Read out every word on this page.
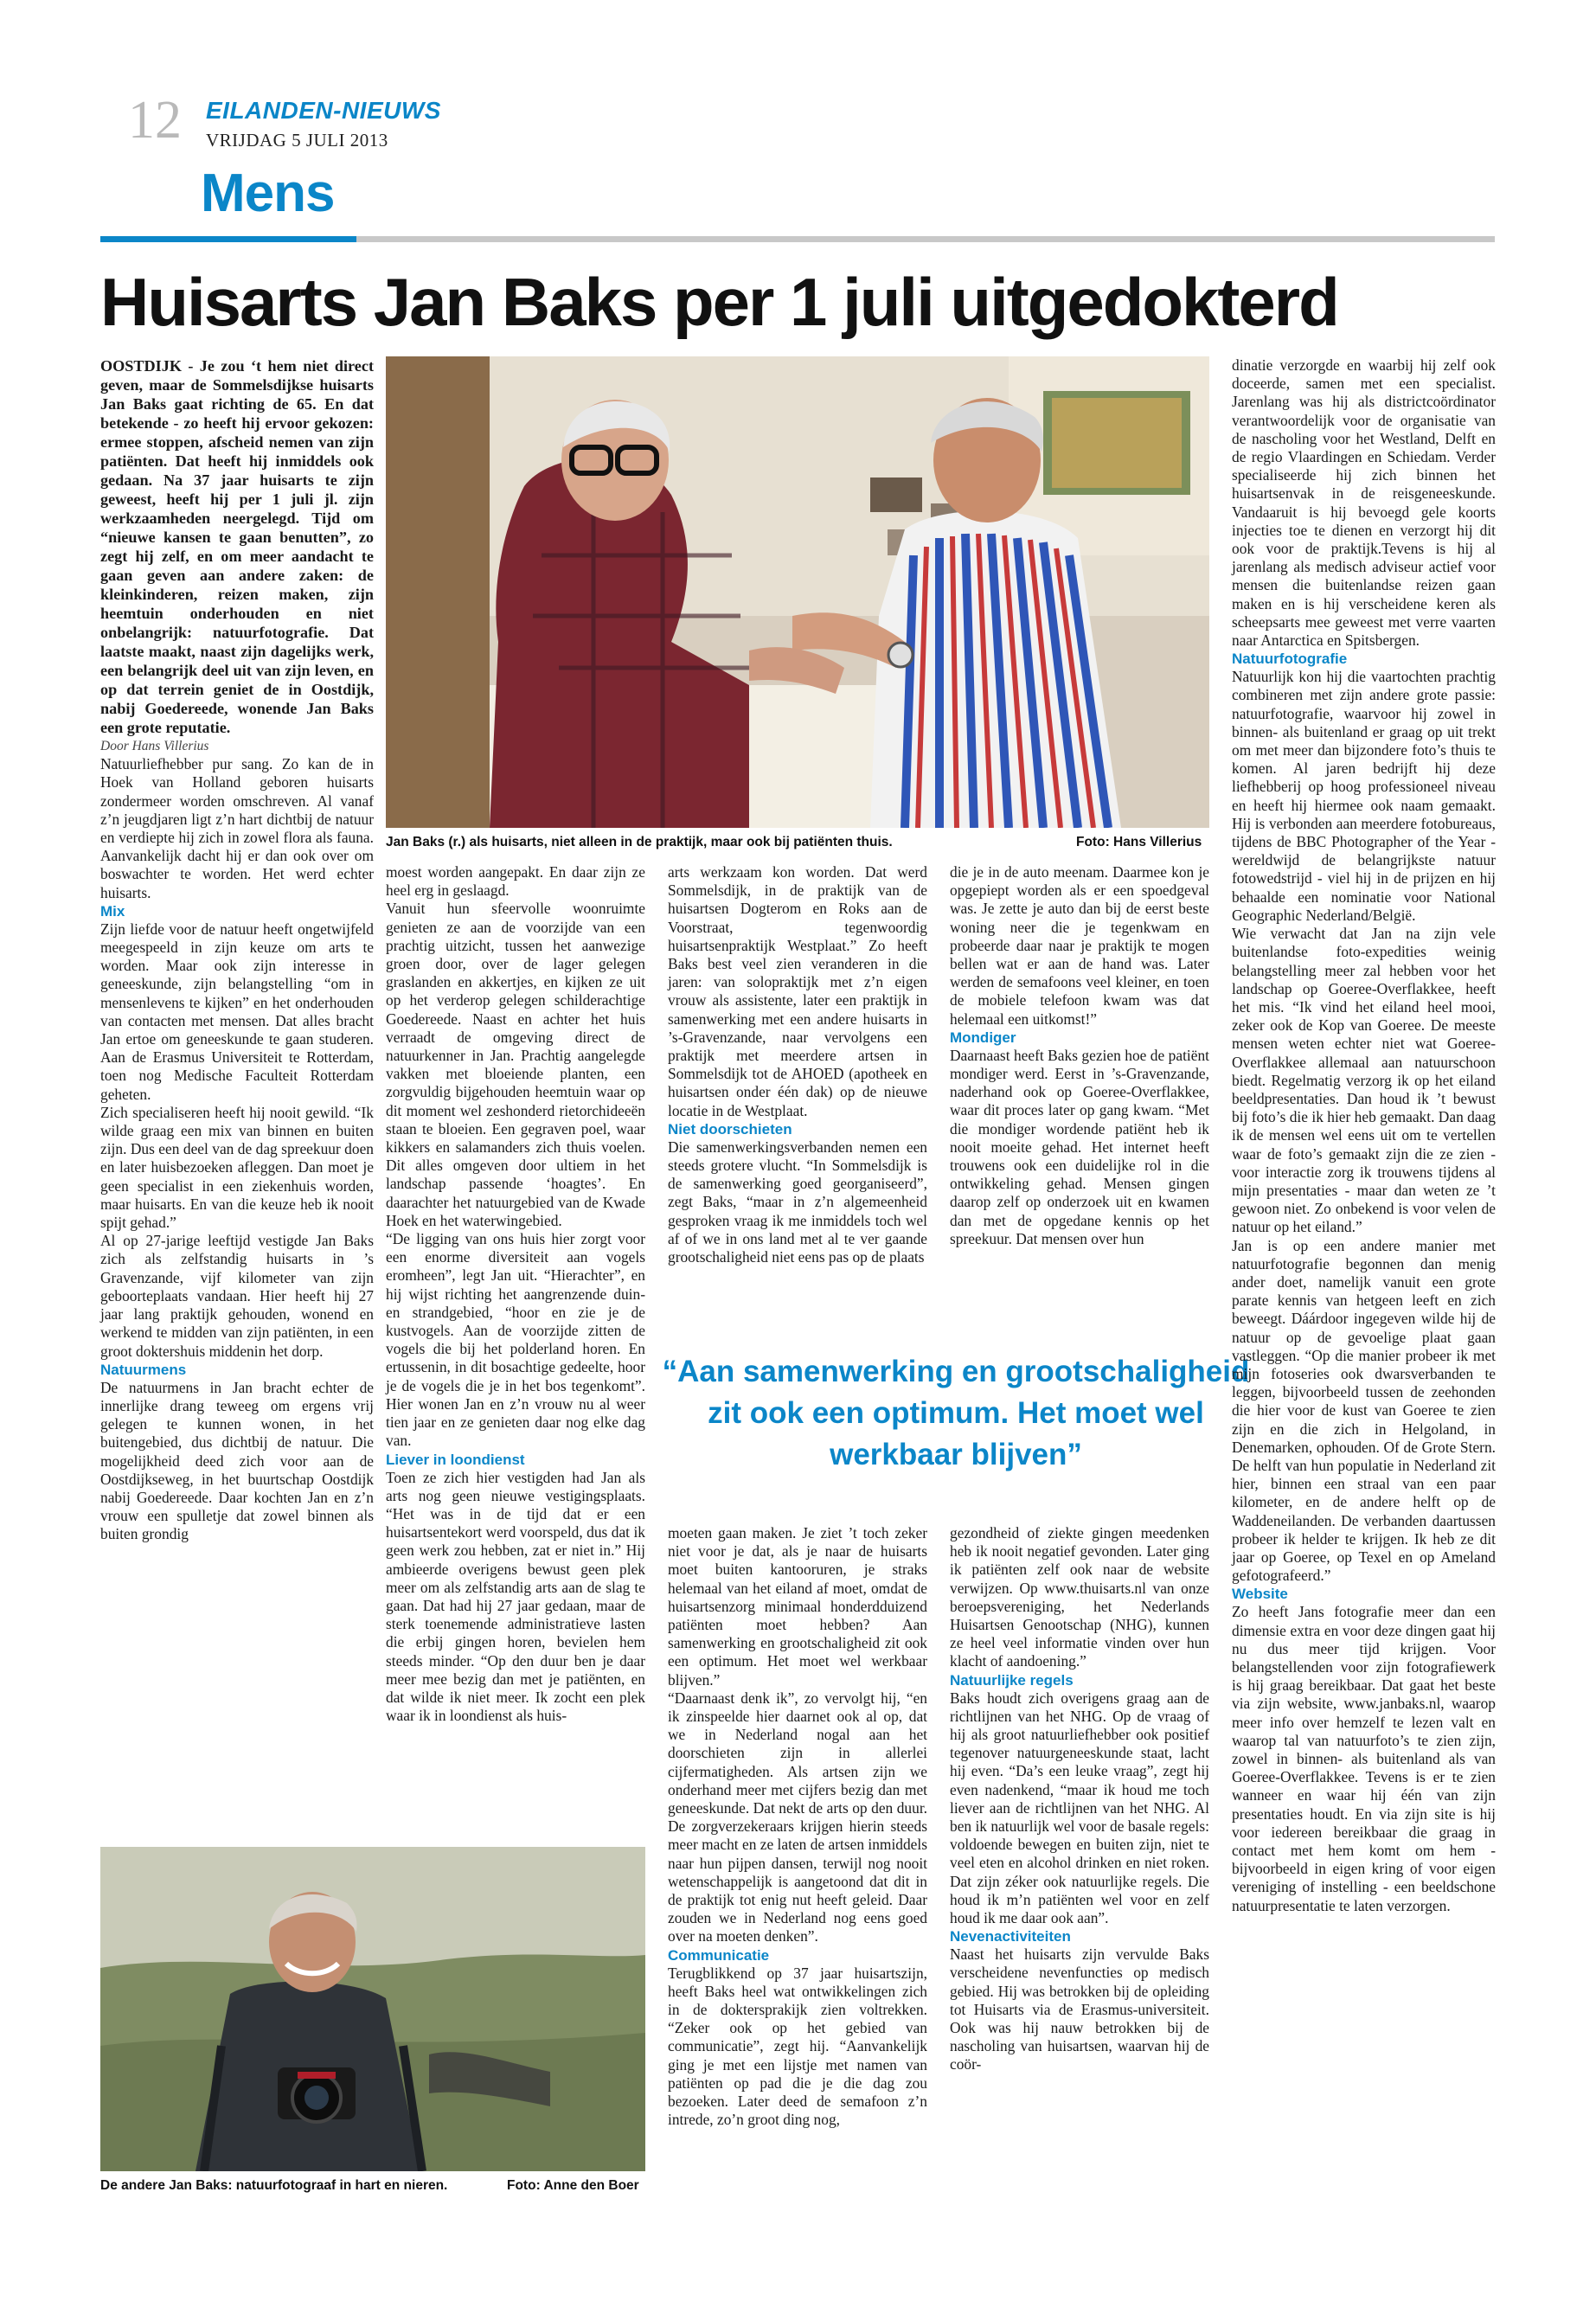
12 EILANDEN-NIEUWS
VRIJDAG 5 JULI 2013
Mens
Huisarts Jan Baks per 1 juli uitgedokterd

OOSTDIJK - Je zou ‘t hem niet direct geven, maar de Sommelsdijkse huisarts Jan Baks gaat richting de 65. En dat betekende - zo heeft hij ervoor gekozen: ermee stoppen, afscheid nemen van zijn patiënten. Dat heeft hij inmiddels ook gedaan. Na 37 jaar huisarts te zijn geweest, heeft hij per 1 juli jl. zijn werkzaamheden neergelegd. Tijd om “nieuwe kansen te gaan benutten”, zo zegt hij zelf, en om meer aandacht te gaan geven aan andere zaken: de kleinkinderen, reizen maken, zijn heemtuin onderhouden en niet onbelangrijk: natuurfotografie. Dat laatste maakt, naast zijn dagelijks werk, een belangrijk deel uit van zijn leven, en op dat terrein geniet de in Oostdijk, nabij Goedereede, wonende Jan Baks een grote reputatie.

Door Hans Villerius

Natuurliefhebber pur sang. Zo kan de in Hoek van Holland geboren huisarts zondermeer worden omschreven. Al vanaf z’n jeugdjaren ligt z’n hart dichtbij de natuur en verdiepte hij zich in zowel flora als fauna. Aanvankelijk dacht hij er dan ook over om boswachter te worden. Het werd echter huisarts.

Mix

Zijn liefde voor de natuur heeft ongetwijfeld meegespeeld in zijn keuze om arts te worden. Maar ook zijn interesse in geneeskunde, zijn belangstelling “om in mensenlevens te kijken” en het onderhouden van contacten met mensen. Dat alles bracht Jan ertoe om geneeskunde te gaan studeren. Aan de Erasmus Universiteit te Rotterdam, toen nog Medische Faculteit Rotterdam geheten.

Zich specialiseren heeft hij nooit gewild. “Ik wilde graag een mix van binnen en buiten zijn. Dus een deel van de dag spreekuur doen en later huisbezoeken afleggen. Dan moet je geen specialist in een ziekenhuis worden, maar huisarts. En van die keuze heb ik nooit spijt gehad.”

Al op 27-jarige leeftijd vestigde Jan Baks zich als zelfstandig huisarts in ’s Gravenzande, vijf kilometer van zijn geboorteplaats vandaan. Hier heeft hij 27 jaar lang praktijk gehouden, wonend en werkend te midden van zijn patiënten, in een groot doktershuis middenin het dorp.

Natuurmens

De natuurmens in Jan bracht echter de innerlijke drang teweeg om ergens vrij gelegen te kunnen wonen, in het buitengebied, dus dichtbij de natuur. Die mogelijkheid deed zich voor aan de Oostdijkseweg, in het buurtschap Oostdijk nabij Goedereede. Daar kochten Jan en z’n vrouw een spulletje dat zowel binnen als buiten grondig

Jan Baks (r.) als huisarts, niet alleen in de praktijk, maar ook bij patiënten thuis.	Foto: Hans Villerius

moest worden aangepakt. En daar zijn ze heel erg in geslaagd.

Vanuit hun sfeervolle woonruimte genieten ze aan de voorzijde van een prachtig uitzicht, tussen het aanwezige groen door, over de lager gelegen graslanden en akkertjes, en kijken ze uit op het verderop gelegen schilderachtige Goedereede. Naast en achter het huis verraadt de omgeving direct de natuurkenner in Jan. Prachtig aangelegde vakken met bloeiende planten, een zorgvuldig bijgehouden heemtuin waar op dit moment wel zeshonderd rietorchideeën staan te bloeien. Een gegraven poel, waar kikkers en salamanders zich thuis voelen. Dit alles omgeven door ultiem in het landschap passende ‘hoagtes’. En daarachter het natuurgebied van de Kwade Hoek en het waterwingebied.

“De ligging van ons huis hier zorgt voor een enorme diversiteit aan vogels eromheen”, legt Jan uit. “Hierachter”, en hij wijst richting het aangrenzende duin- en strandgebied, “hoor en zie je de kustvogels. Aan de voorzijde zitten de vogels die bij het polderland horen. En ertussenin, in dit bosachtige gedeelte, hoor je de vogels die je in het bos tegenkomt”. Hier wonen Jan en z’n vrouw nu al weer tien jaar en ze genieten daar nog elke dag van.

Liever in loondienst

Toen ze zich hier vestigden had Jan als arts nog geen nieuwe vestigingsplaats. “Het was in de tijd dat er een huisartsentekort werd voorspeld, dus dat ik geen werk zou hebben, zat er niet in.” Hij ambieerde overigens bewust geen plek meer om als zelfstandig arts aan de slag te gaan. Dat had hij 27 jaar gedaan, maar de sterk toenemende administratieve lasten die erbij gingen horen, bevielen hem steeds minder. “Op den duur ben je daar meer mee bezig dan met je patiënten, en dat wilde ik niet meer. Ik zocht een plek waar ik in loondienst als huis-

arts werkzaam kon worden. Dat werd Sommelsdijk, in de praktijk van de huisartsen Dogterom en Roks aan de Voorstraat, tegenwoordig huisartsenpraktijk Westplaat.” Zo heeft Baks best veel zien veranderen in die jaren: van solopraktijk met z’n eigen vrouw als assistente, later een praktijk in samenwerking met een andere huisarts in ’s-Gravenzande, naar vervolgens een praktijk met meerdere artsen in Sommelsdijk tot de AHOED (apotheek en huisartsen onder één dak) op de nieuwe locatie in de Westplaat.

Niet doorschieten

Die samenwerkingsverbanden nemen een steeds grotere vlucht. “In Sommelsdijk is de samenwerking goed georganiseerd”, zegt Baks, “maar in z’n algemeenheid gesproken vraag ik me inmiddels toch wel af of we in ons land met al te ver gaande grootschaligheid niet eens pas op de plaats

die je in de auto meenam. Daarmee kon je opgepiept worden als er een spoedgeval was. Je zette je auto dan bij de eerst beste woning neer die je tegenkwam en probeerde daar naar je praktijk te mogen bellen wat er aan de hand was. Later werden de semafoons veel kleiner, en toen de mobiele telefoon kwam was dat helemaal een uitkomst!”

Mondiger

Daarnaast heeft Baks gezien hoe de patiënt mondiger werd. Eerst in ’s-Gravenzande, naderhand ook op Goeree-Overflakkee, waar dit proces later op gang kwam. “Met die mondiger wordende patiënt heb ik nooit moeite gehad. Het internet heeft trouwens ook een duidelijke rol in die ontwikkeling gehad. Mensen gingen daarop zelf op onderzoek uit en kwamen dan met de opgedane kennis op het spreekuur. Dat mensen over hun

“Aan samenwerking en grootschaligheid zit ook een optimum. Het moet wel werkbaar blijven”

moeten gaan maken. Je ziet ’t toch zeker niet voor je dat, als je naar de huisarts moet buiten kantooruren, je straks helemaal van het eiland af moet, omdat de huisartsenzorg minimaal honderdduizend patiënten moet hebben? Aan samenwerking en grootschaligheid zit ook een optimum. Het moet wel werkbaar blijven.”

“Daarnaast denk ik”, zo vervolgt hij, “en ik zinspeelde hier daarnet ook al op, dat we in Nederland nogal aan het doorschieten zijn in allerlei cijfermatigheden. Als artsen zijn we onderhand meer met cijfers bezig dan met geneeskunde. Dat nekt de arts op den duur. De zorgverzekeraars krijgen hierin steeds meer macht en ze laten de artsen inmiddels naar hun pijpen dansen, terwijl nog nooit wetenschappelijk is aangetoond dat dit in de praktijk tot enig nut heeft geleid. Daar zouden we in Nederland nog eens goed over na moeten denken”.

Communicatie

Terugblikkend op 37 jaar huisartszijn, heeft Baks heel wat ontwikkelingen zich in de doktersprakijk zien voltrekken. “Zeker ook op het gebied van communicatie”, zegt hij. “Aanvankelijk ging je met een lijstje met namen van patiënten op pad die je die dag zou bezoeken. Later deed de semafoon z’n intrede, zo’n groot ding nog,

gezondheid of ziekte gingen meedenken heb ik nooit negatief gevonden. Later ging ik patiënten zelf ook naar de website verwijzen. Op www.thuisarts.nl van onze beroepsvereniging, het Nederlands Huisartsen Genootschap (NHG), kunnen ze heel veel informatie vinden over hun klacht of aandoening.”

Natuurlijke regels

Baks houdt zich overigens graag aan de richtlijnen van het NHG. Op de vraag of hij als groot natuurliefhebber ook positief tegenover natuurgeneeskunde staat, lacht hij even. “Da’s een leuke vraag”, zegt hij even nadenkend, “maar ik houd me toch liever aan de richtlijnen van het NHG. Al ben ik natuurlijk wel voor de basale regels: voldoende bewegen en buiten zijn, niet te veel eten en alcohol drinken en niet roken. Dat zijn zéker ook natuurlijke regels. Die houd ik m’n patiënten wel voor en zelf houd ik me daar ook aan”.

Nevenactiviteiten

Naast het huisarts zijn vervulde Baks verscheidene nevenfuncties op medisch gebied. Hij was betrokken bij de opleiding tot Huisarts via de Erasmus-universiteit. Ook was hij nauw betrokken bij de nascholing van huisartsen, waarvan hij de coör-

De andere Jan Baks: natuurfotograaf in hart en nieren.	Foto: Anne den Boer

dinatie verzorgde en waarbij hij zelf ook doceerde, samen met een specialist. Jarenlang was hij als districtcoördinator verantwoordelijk voor de organisatie van de nascholing voor het Westland, Delft en de regio Vlaardingen en Schiedam. Verder specialiseerde hij zich binnen het huisartsenvak in de reisgeneeskunde. Vandaaruit is hij bevoegd gele koorts injecties toe te dienen en verzorgt hij dit ook voor de praktijk.Tevens is hij al jarenlang als medisch adviseur actief voor mensen die buitenlandse reizen gaan maken en is hij verscheidene keren als scheepsarts mee geweest met verre vaarten naar Antarctica en Spitsbergen.

Natuurfotografie

Natuurlijk kon hij die vaartochten prachtig combineren met zijn andere grote passie: natuurfotografie, waarvoor hij zowel in binnen- als buitenland er graag op uit trekt om met meer dan bijzondere foto’s thuis te komen. Al jaren bedrijft hij deze liefhebberij op hoog professioneel niveau en heeft hij hiermee ook naam gemaakt. Hij is verbonden aan meerdere fotobureaus, tijdens de BBC Photographer of the Year - wereldwijd de belangrijkste natuur fotowedstrijd - viel hij in de prijzen en hij behaalde een nominatie voor National Geographic Nederland/België.

Wie verwacht dat Jan na zijn vele buitenlandse foto-expedities weinig belangstelling meer zal hebben voor het landschap op Goeree-Overflakkee, heeft het mis. “Ik vind het eiland heel mooi, zeker ook de Kop van Goeree. De meeste mensen weten echter niet wat Goeree-Overflakkee allemaal aan natuurschoon biedt. Regelmatig verzorg ik op het eiland beeldpresentaties. Dan houd ik ’t bewust bij foto’s die ik hier heb gemaakt. Dan daag ik de mensen wel eens uit om te vertellen waar de foto’s gemaakt zijn die ze zien - voor interactie zorg ik trouwens tijdens al mijn presentaties - maar dan weten ze ’t gewoon niet. Zo onbekend is voor velen de natuur op het eiland.”

Jan is op een andere manier met natuurfotografie begonnen dan menig ander doet, namelijk vanuit een grote parate kennis van hetgeen leeft en zich beweegt. Dáárdoor ingegeven wilde hij de natuur op de gevoelige plaat gaan vastleggen. “Op die manier probeer ik met mijn fotoseries ook dwarsverbanden te leggen, bijvoorbeeld tussen de zeehonden die hier voor de kust van Goeree te zien zijn en die zich in Helgoland, in Denemarken, ophouden. Of de Grote Stern. De helft van hun populatie in Nederland zit hier, binnen een straal van een paar kilometer, en de andere helft op de Waddeneilanden. De verbanden daartussen probeer ik helder te krijgen. Ik heb ze dit jaar op Goeree, op Texel en op Ameland gefotografeerd.”

Website

Zo heeft Jans fotografie meer dan een dimensie extra en voor deze dingen gaat hij nu dus meer tijd krijgen. Voor belangstellenden voor zijn fotografiewerk is hij graag bereikbaar. Dat gaat het beste via zijn website, www.janbaks.nl, waarop meer info over hemzelf te lezen valt en waarop tal van natuurfoto’s te zien zijn, zowel in binnen- als buitenland als van Goeree-Overflakkee. Tevens is er te zien wanneer en waar hij één van zijn presentaties houdt. En via zijn site is hij voor iedereen bereikbaar die graag in contact met hem komt om hem - bijvoorbeeld in eigen kring of voor eigen vereniging of instelling - een beeldschone natuurpresentatie te laten verzorgen.
